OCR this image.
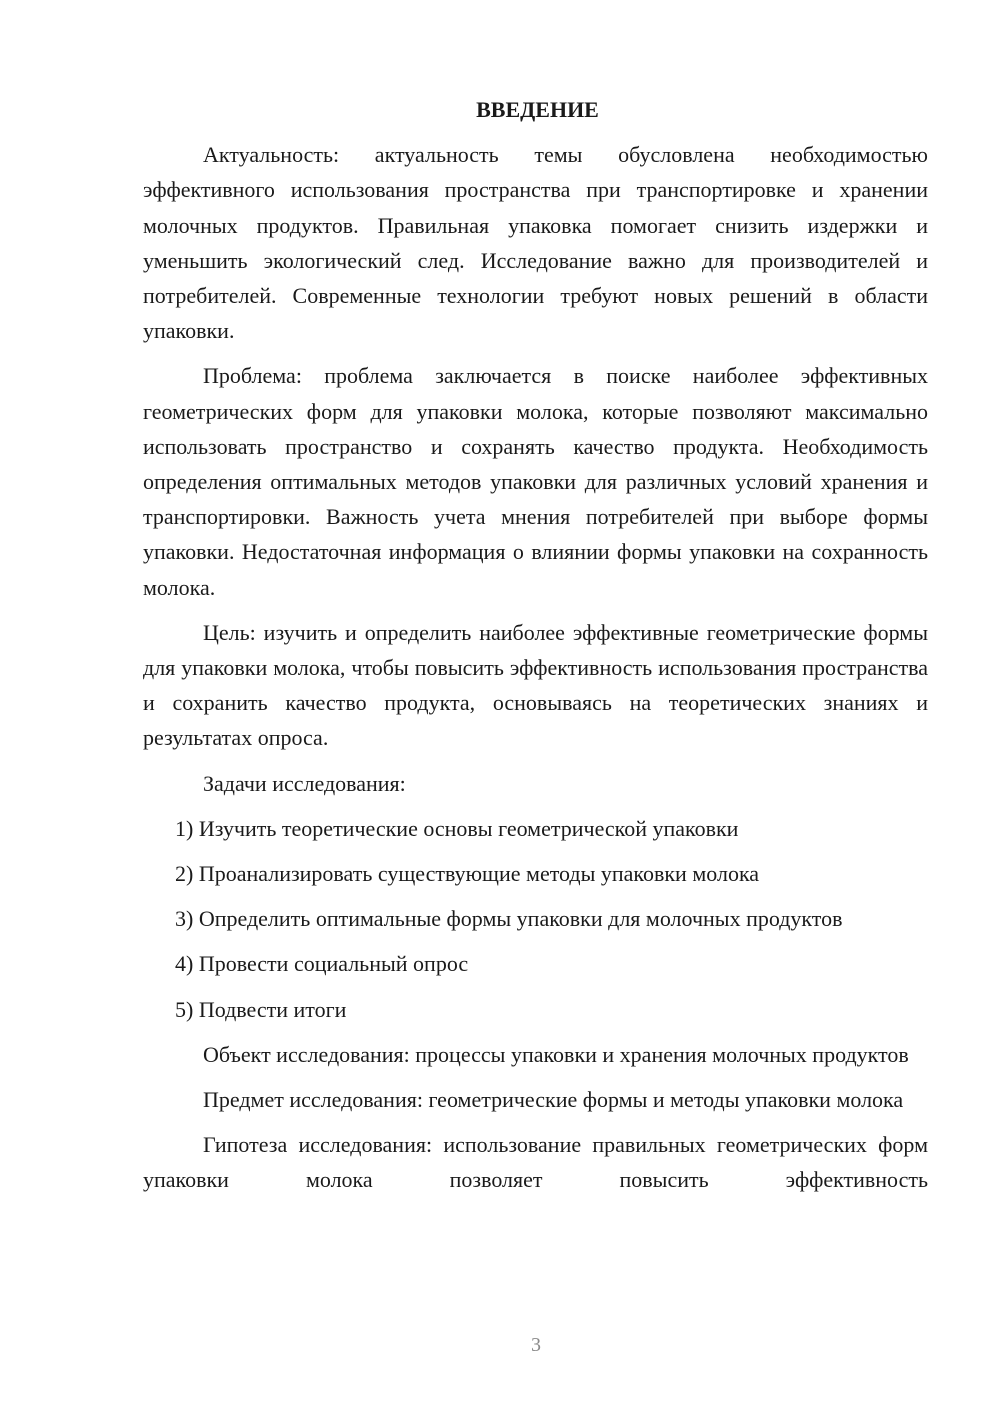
ВВЕДЕНИЕ

Актуальность: актуальность темы обусловлена необходимостью эффективного использования пространства при транспортировке и хранении молочных продуктов. Правильная упаковка помогает снизить издержки и уменьшить экологический след. Исследование важно для производителей и потребителей. Современные технологии требуют новых решений в области упаковки.

Проблема: проблема заключается в поиске наиболее эффективных геометрических форм для упаковки молока, которые позволяют максимально использовать пространство и сохранять качество продукта. Необходимость определения оптимальных методов упаковки для различных условий хранения и транспортировки. Важность учета мнения потребителей при выборе формы упаковки. Недостаточная информация о влиянии формы упаковки на сохранность молока.

Цель: изучить и определить наиболее эффективные геометрические формы для упаковки молока, чтобы повысить эффективность использования пространства и сохранить качество продукта, основываясь на теоретических знаниях и результатах опроса.

Задачи исследования:

1) Изучить теоретические основы геометрической упаковки

2) Проанализировать существующие методы упаковки молока

3) Определить оптимальные формы упаковки для молочных продуктов

4) Провести социальный опрос

5) Подвести итоги

Объект исследования: процессы упаковки и хранения молочных продуктов

Предмет исследования: геометрические формы и методы упаковки молока

Гипотеза исследования: использование правильных геометрических форм упаковки молока позволяет повысить эффективность

3
